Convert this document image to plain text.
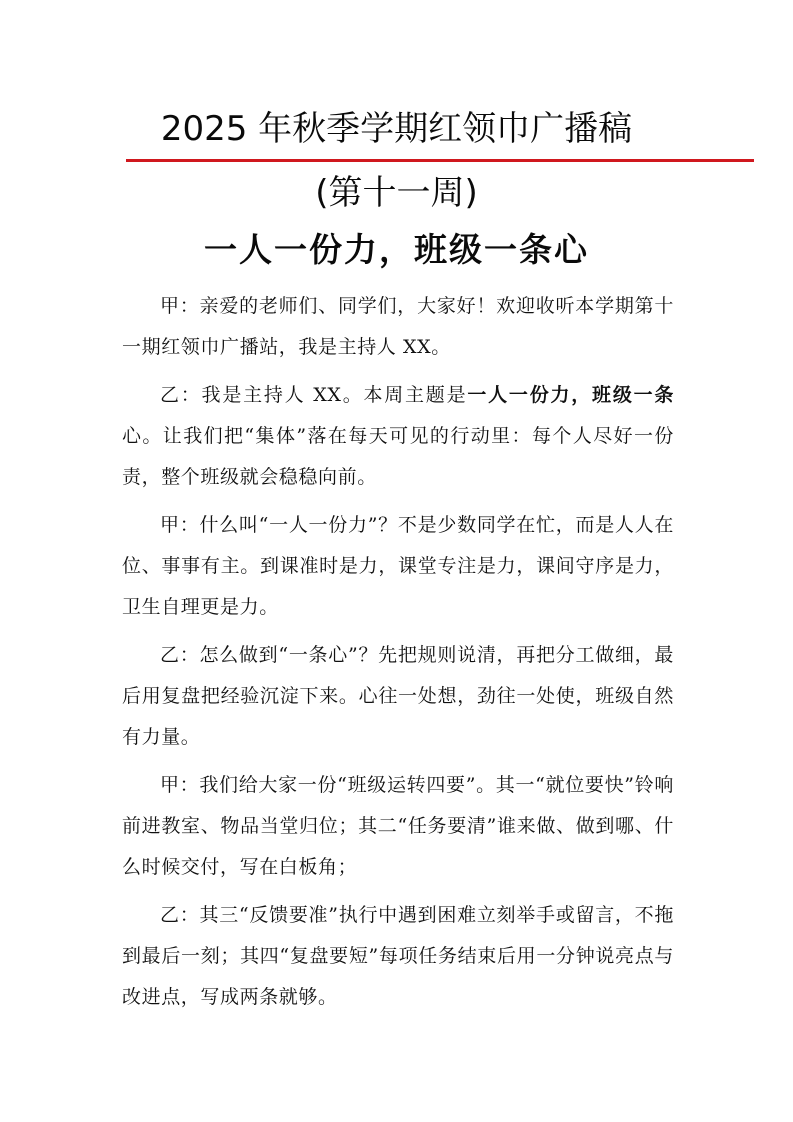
2025 年秋季学期红领巾广播稿
(第十一周)
一人一份力，班级一条心

甲：亲爱的老师们、同学们，大家好！欢迎收听本学期第十一期红领巾广播站，我是主持人 XX。

乙：我是主持人 XX。本周主题是一人一份力，班级一条心。让我们把“集体”落在每天可见的行动里：每个人尽好一份责，整个班级就会稳稳向前。

甲：什么叫“一人一份力”？不是少数同学在忙，而是人人在位、事事有主。到课准时是力，课堂专注是力，课间守序是力，卫生自理更是力。

乙：怎么做到“一条心”？先把规则说清，再把分工做细，最后用复盘把经验沉淀下来。心往一处想，劲往一处使，班级自然有力量。

甲：我们给大家一份“班级运转四要”。其一“就位要快”铃响前进教室、物品当堂归位；其二“任务要清”谁来做、做到哪、什么时候交付，写在白板角；

乙：其三“反馈要准”执行中遇到困难立刻举手或留言，不拖到最后一刻；其四“复盘要短”每项任务结束后用一分钟说亮点与改进点，写成两条就够。
